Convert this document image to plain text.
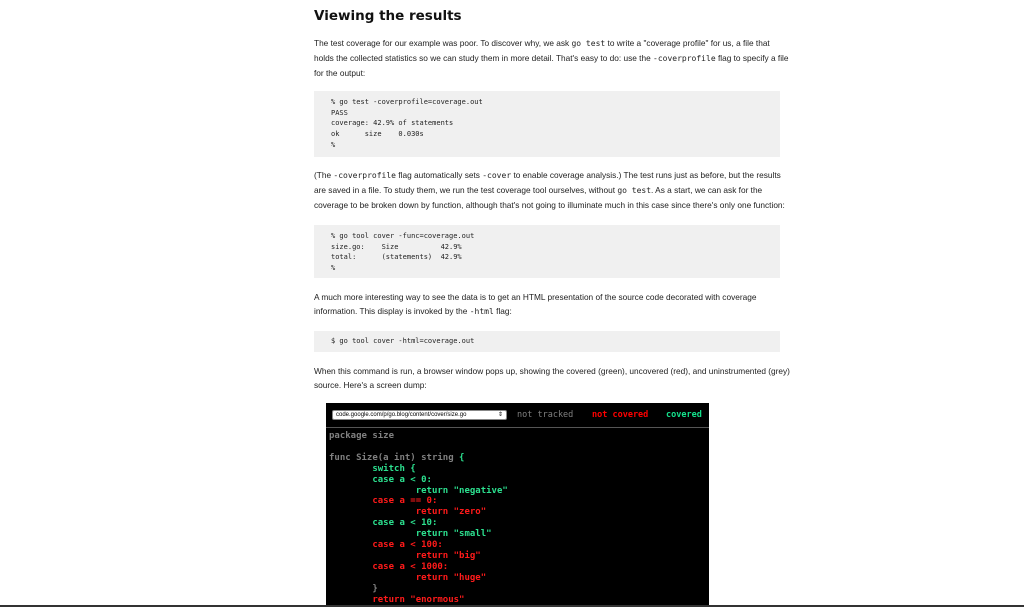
Viewing the results

The test coverage for our example was poor. To discover why, we ask go test to write a "coverage profile" for us, a file that holds the collected statistics so we can study them in more detail. That's easy to do: use the -coverprofile flag to specify a file for the output:

% go test -coverprofile=coverage.out
PASS
coverage: 42.9% of statements
ok      size    0.030s
%

(The -coverprofile flag automatically sets -cover to enable coverage analysis.) The test runs just as before, but the results are saved in a file. To study them, we run the test coverage tool ourselves, without go test. As a start, we can ask for the coverage to be broken down by function, although that's not going to illuminate much in this case since there's only one function:

% go tool cover -func=coverage.out
size.go:    Size          42.9%
total:      (statements)  42.9%
%

A much more interesting way to see the data is to get an HTML presentation of the source code decorated with coverage information. This display is invoked by the -html flag:

$ go tool cover -html=coverage.out

When this command is run, a browser window pops up, showing the covered (green), uncovered (red), and uninstrumented (grey) source. Here's a screen dump:

code.google.com/p/go.blog/content/cover/size.go	⇕ not tracked not covered covered
package size

func Size(a int) string {
switch {
case a < 0:
return "negative"
case a == 0:
return "zero"
case a < 10:
return "small"
case a < 100:
return "big"
case a < 1000:
return "huge"
}
return "enormous"
